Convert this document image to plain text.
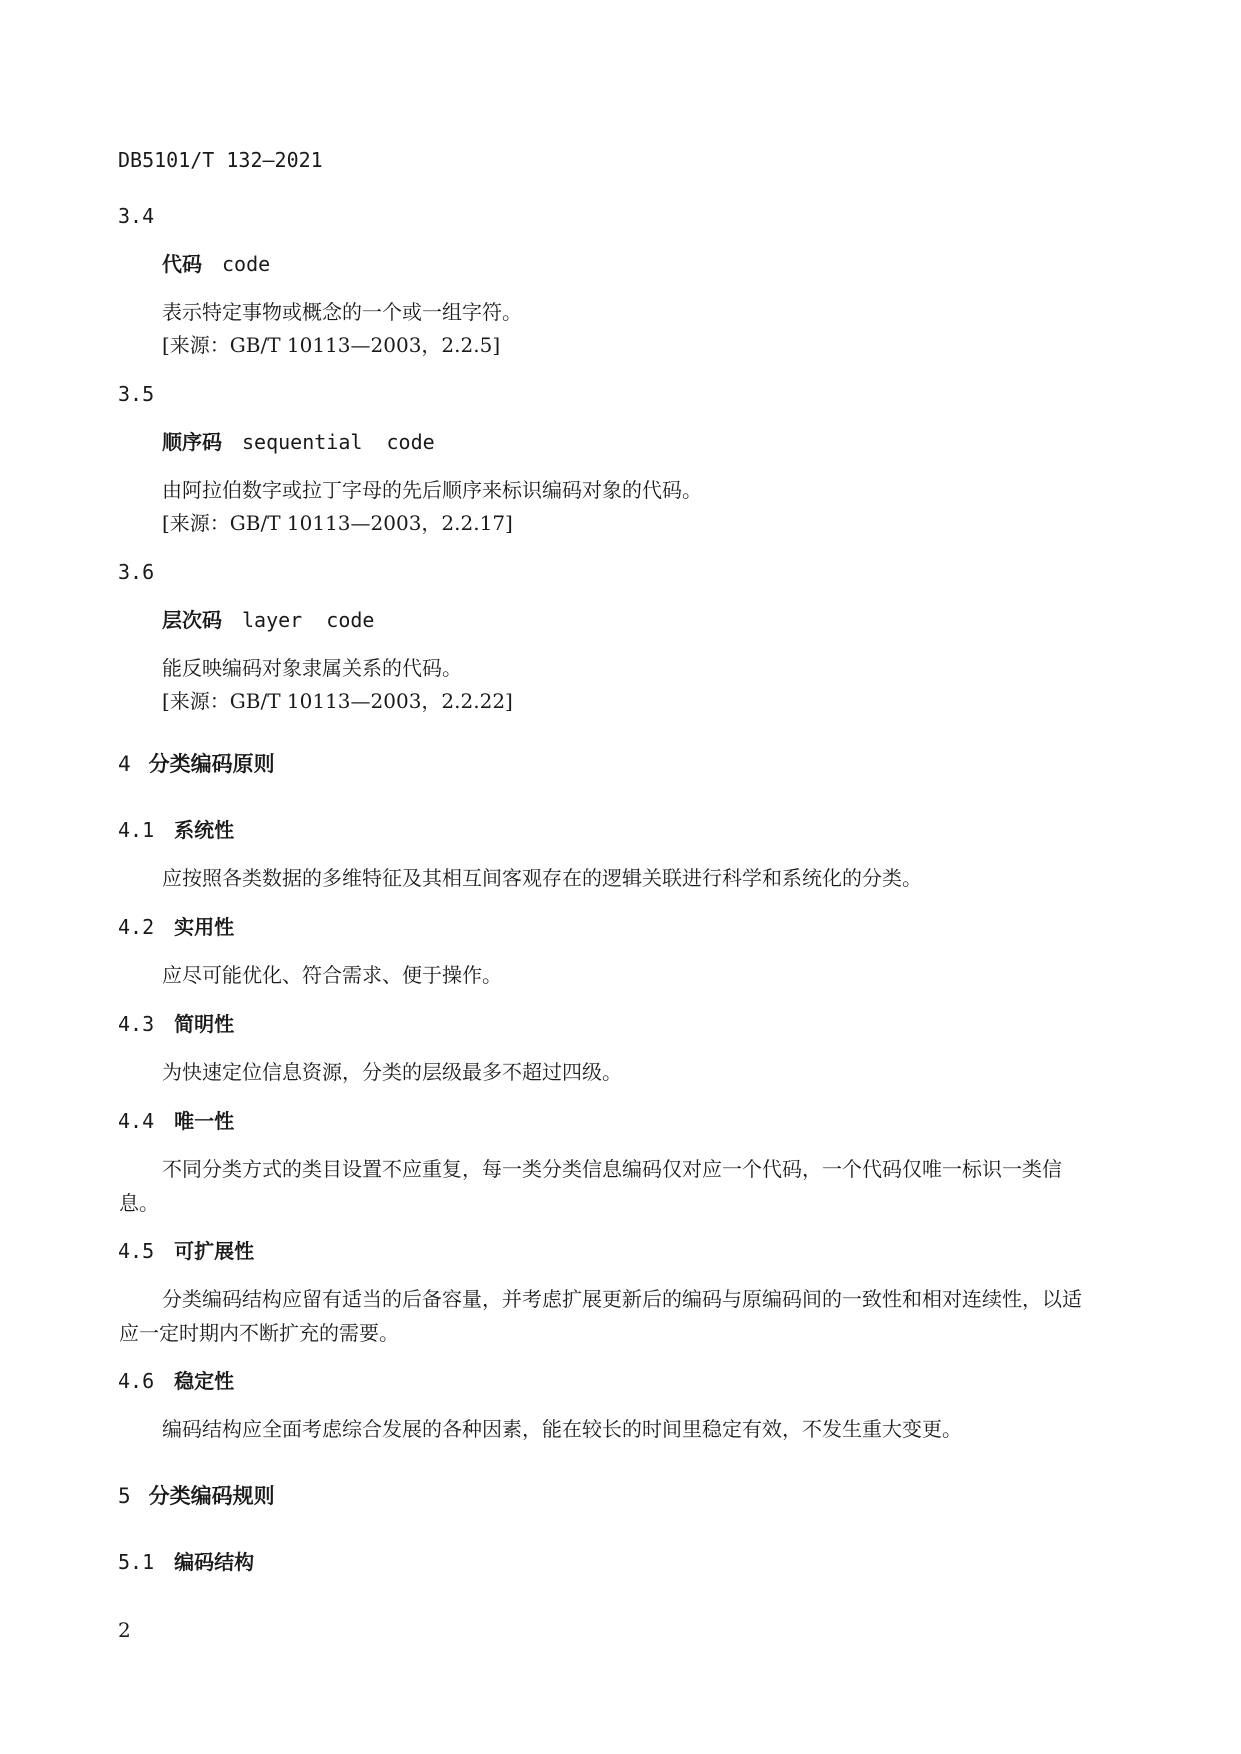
DB5101/T 132—2021
3.4
代码 code
表示特定事物或概念的一个或一组字符。
[来源：GB/T 10113—2003，2.2.5]
3.5
顺序码 sequential  code
由阿拉伯数字或拉丁字母的先后顺序来标识编码对象的代码。
[来源：GB/T 10113—2003，2.2.17]
3.6
层次码 layer  code
能反映编码对象隶属关系的代码。
[来源：GB/T 10113—2003，2.2.22]
4 分类编码原则
4.1 系统性
应按照各类数据的多维特征及其相互间客观存在的逻辑关联进行科学和系统化的分类。
4.2 实用性
应尽可能优化、符合需求、便于操作。
4.3 简明性
为快速定位信息资源，分类的层级最多不超过四级。
4.4 唯一性
不同分类方式的类目设置不应重复，每一类分类信息编码仅对应一个代码，一个代码仅唯一标识一类信息。
4.5 可扩展性
分类编码结构应留有适当的后备容量，并考虑扩展更新后的编码与原编码间的一致性和相对连续性，以适应一定时期内不断扩充的需要。
4.6 稳定性
编码结构应全面考虑综合发展的各种因素，能在较长的时间里稳定有效，不发生重大变更。
5 分类编码规则
5.1 编码结构
2
